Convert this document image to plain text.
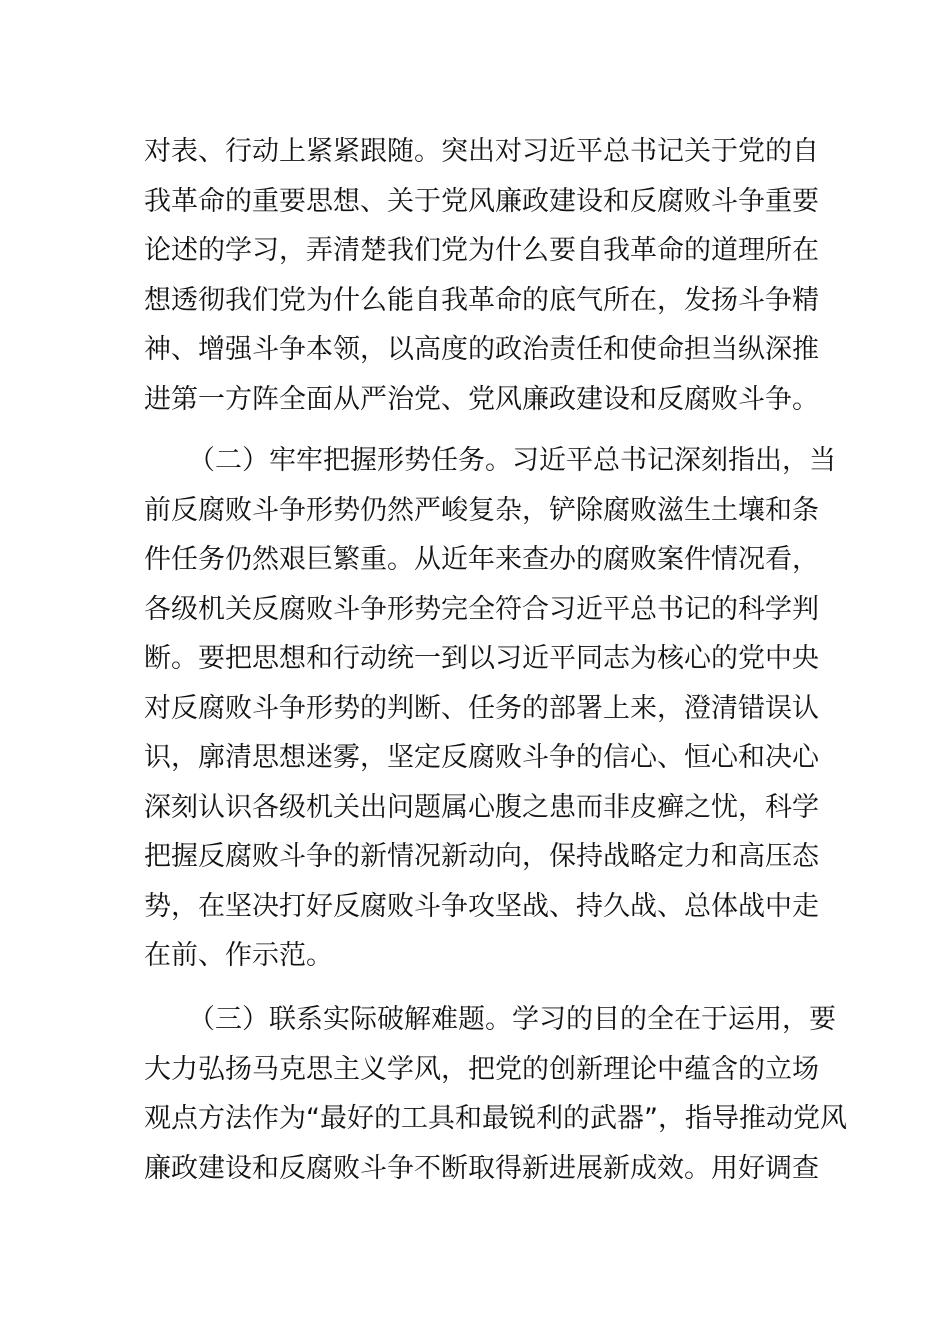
对表、行动上紧紧跟随。突出对习近平总书记关于党的自
我革命的重要思想、关于党风廉政建设和反腐败斗争重要
论述的学习，弄清楚我们党为什么要自我革命的道理所在
想透彻我们党为什么能自我革命的底气所在，发扬斗争精
神、增强斗争本领，以高度的政治责任和使命担当纵深推
进第一方阵全面从严治党、党风廉政建设和反腐败斗争。
（二）牢牢把握形势任务。习近平总书记深刻指出，当
前反腐败斗争形势仍然严峻复杂，铲除腐败滋生土壤和条
件任务仍然艰巨繁重。从近年来查办的腐败案件情况看，
各级机关反腐败斗争形势完全符合习近平总书记的科学判
断。要把思想和行动统一到以习近平同志为核心的党中央
对反腐败斗争形势的判断、任务的部署上来，澄清错误认
识，廓清思想迷雾，坚定反腐败斗争的信心、恒心和决心
深刻认识各级机关出问题属心腹之患而非皮癣之忧，科学
把握反腐败斗争的新情况新动向，保持战略定力和高压态
势，在坚决打好反腐败斗争攻坚战、持久战、总体战中走
在前、作示范。
（三）联系实际破解难题。学习的目的全在于运用，要
大力弘扬马克思主义学风，把党的创新理论中蕴含的立场
观点方法作为“最好的工具和最锐利的武器”，指导推动党风
廉政建设和反腐败斗争不断取得新进展新成效。用好调查
